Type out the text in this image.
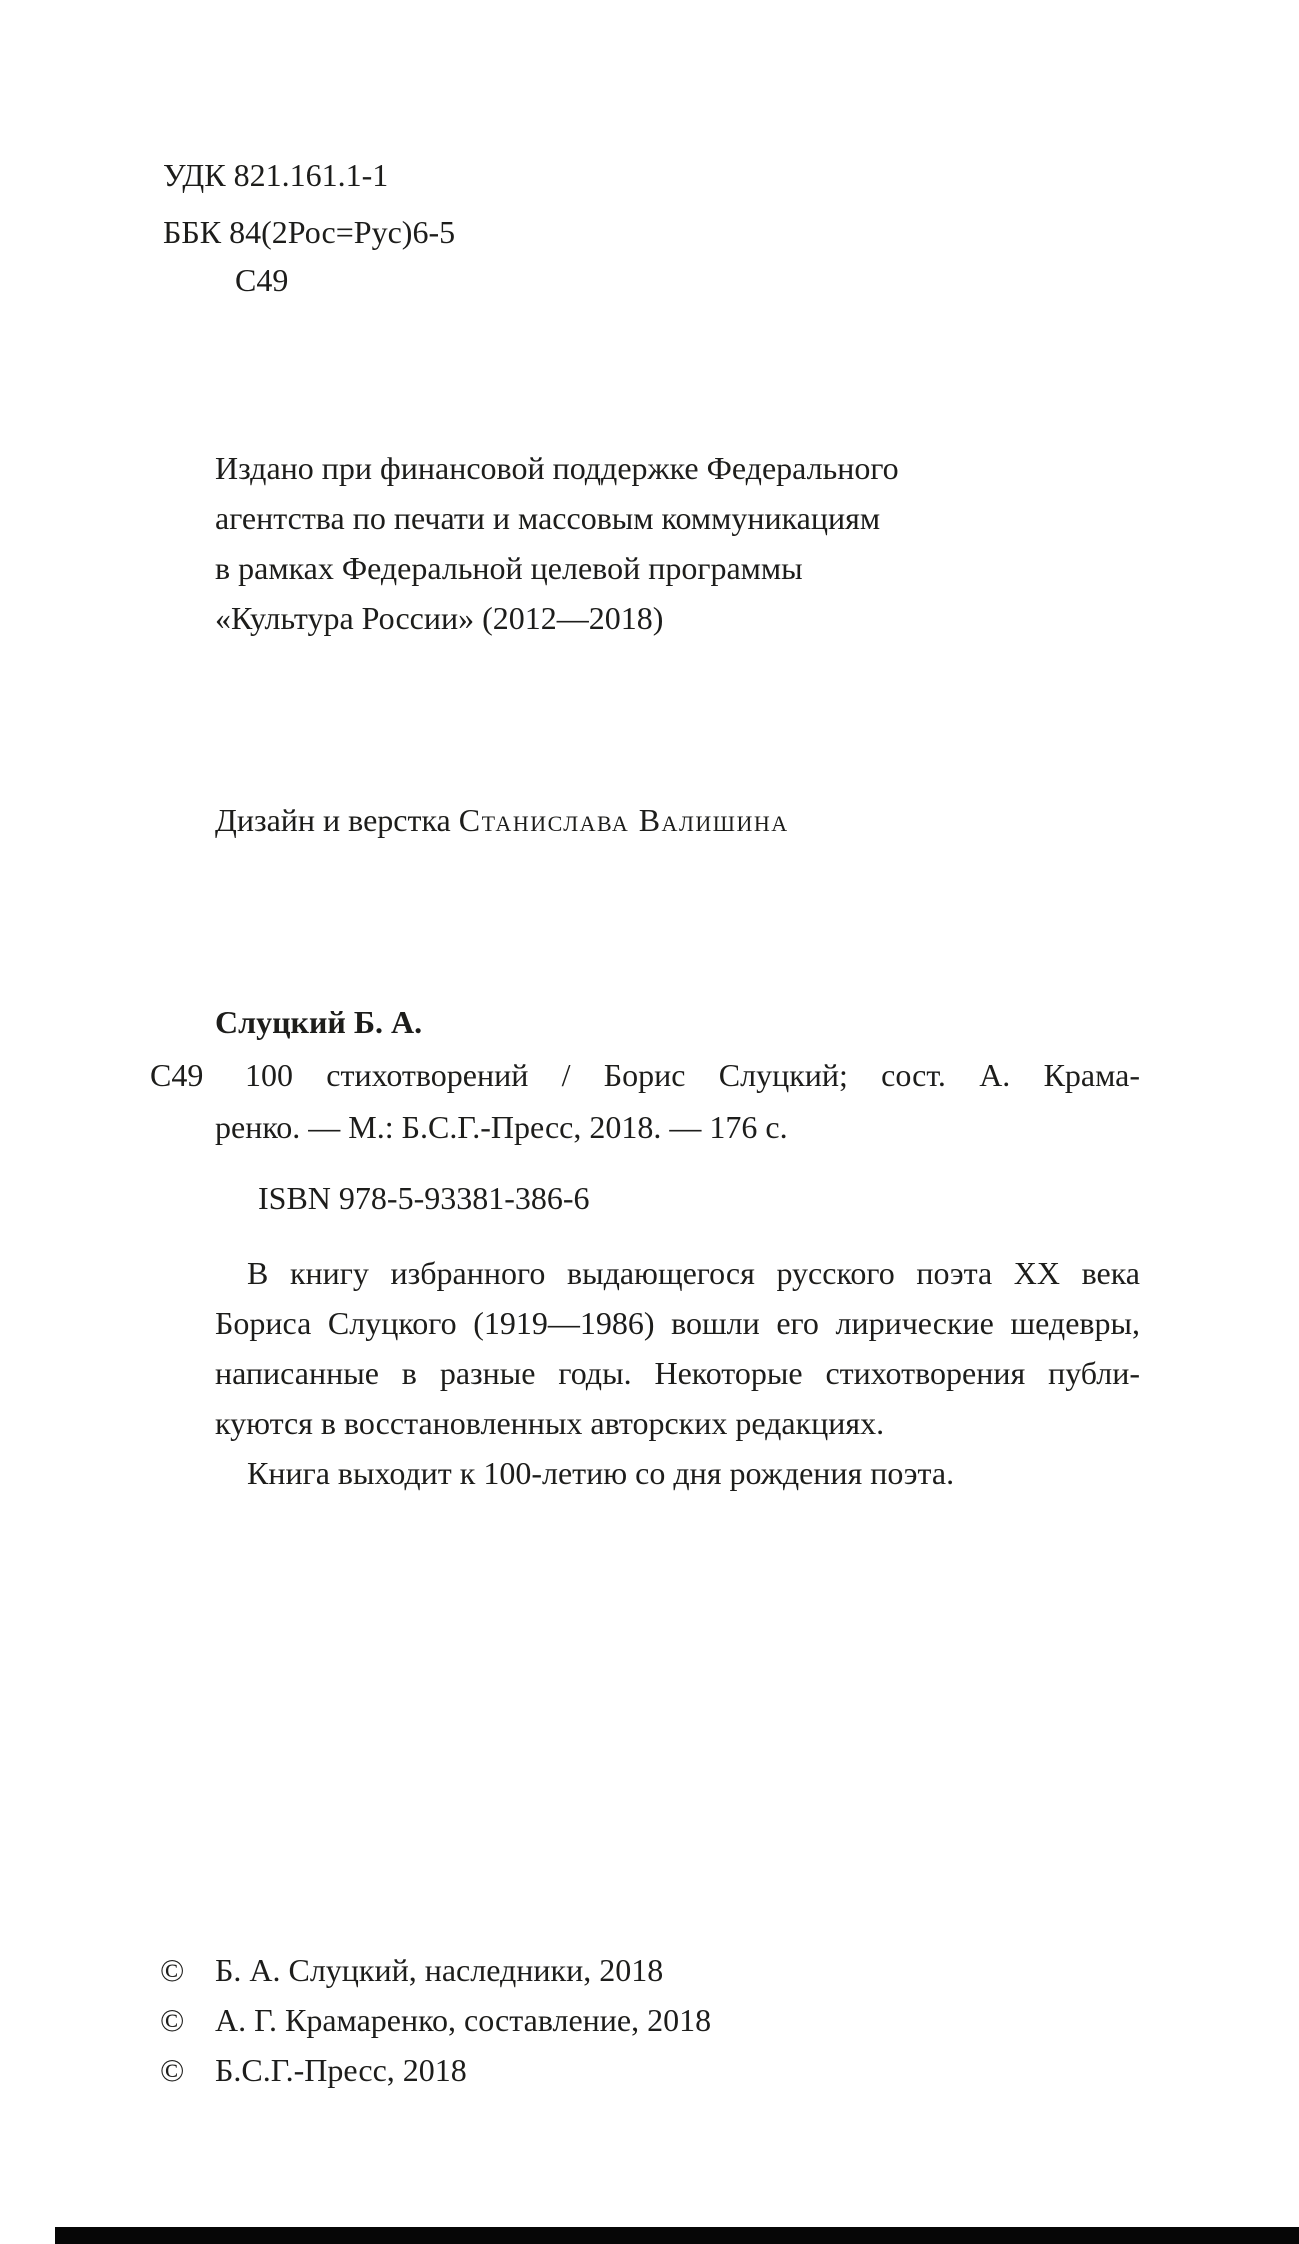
УДК 821.161.1-1
ББК 84(2Рос=Рус)6-5
С49
Издано при финансовой поддержке Федерального
агентства по печати и массовым коммуникациям
в рамках Федеральной целевой программы
«Культура России» (2012—2018)
Дизайн и верстка Станислава Валишина
Слуцкий Б. А.
С49 100 стихотворений / Борис Слуцкий; сост. А. Крама-
ренко. — М.: Б.С.Г.-Пресс, 2018. — 176 с.
ISBN 978-5-93381-386-6
В книгу избранного выдающегося русского поэта XX века
Бориса Слуцкого (1919—1986) вошли его лирические шедевры,
написанные в разные годы. Некоторые стихотворения публи-
куются в восстановленных авторских редакциях.
Книга выходит к 100-летию со дня рождения поэта.
© Б. А. Слуцкий, наследники, 2018
© А. Г. Крамаренко, составление, 2018
© Б.С.Г.-Пресс, 2018
